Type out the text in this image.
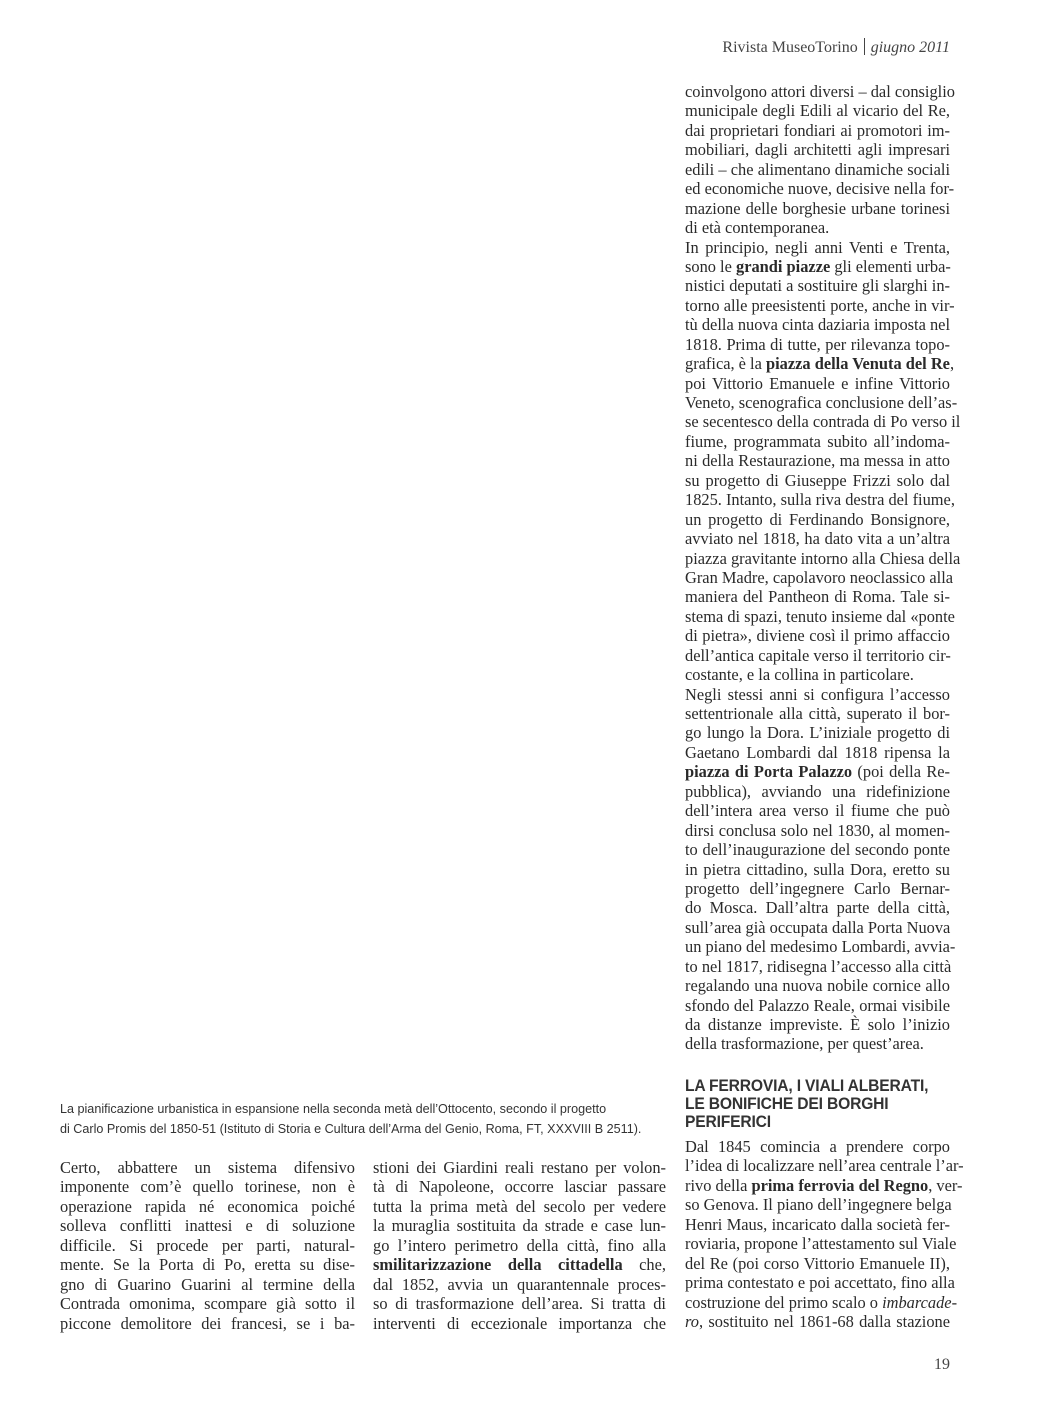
Rivista MuseoTorino giugno 2011
coinvolgono attori diversi – dal consiglio
municipale degli Edili al vicario del Re,
dai proprietari fondiari ai promotori im-
mobiliari, dagli architetti agli impresari
edili – che alimentano dinamiche sociali
ed economiche nuove, decisive nella for-
mazione delle borghesie urbane torinesi
di età contemporanea.
In principio, negli anni Venti e Trenta,
sono le grandi piazze gli elementi urba-
nistici deputati a sostituire gli slarghi in-
torno alle preesistenti porte, anche in vir-
tù della nuova cinta daziaria imposta nel
1818. Prima di tutte, per rilevanza topo-
grafica, è la piazza della Venuta del Re,
poi Vittorio Emanuele e infine Vittorio
Veneto, scenografica conclusione dell’as-
se secentesco della contrada di Po verso il
fiume, programmata subito all’indoma-
ni della Restaurazione, ma messa in atto
su progetto di Giuseppe Frizzi solo dal
1825. Intanto, sulla riva destra del fiume,
un progetto di Ferdinando Bonsignore,
avviato nel 1818, ha dato vita a un’altra
piazza gravitante intorno alla Chiesa della
Gran Madre, capolavoro neoclassico alla
maniera del Pantheon di Roma. Tale si-
stema di spazi, tenuto insieme dal «ponte
di pietra», diviene così il primo affaccio
dell’antica capitale verso il territorio cir-
costante, e la collina in particolare.
Negli stessi anni si configura l’accesso
settentrionale alla città, superato il bor-
go lungo la Dora. L’iniziale progetto di
Gaetano Lombardi dal 1818 ripensa la
piazza di Porta Palazzo (poi della Re-
pubblica), avviando una ridefinizione
dell’intera area verso il fiume che può
dirsi conclusa solo nel 1830, al momen-
to dell’inaugurazione del secondo ponte
in pietra cittadino, sulla Dora, eretto su
progetto dell’ingegnere Carlo Bernar-
do Mosca. Dall’altra parte della città,
sull’area già occupata dalla Porta Nuova
un piano del medesimo Lombardi, avvia-
to nel 1817, ridisegna l’accesso alla città
regalando una nuova nobile cornice allo
sfondo del Palazzo Reale, ormai visibile
da distanze impreviste. È solo l’inizio
della trasformazione, per quest’area.
La pianificazione urbanistica in espansione nella seconda metà dell’Ottocento, secondo il progetto
di Carlo Promis del 1850-51 (Istituto di Storia e Cultura dell’Arma del Genio, Roma, FT, XXXVIII B 2511).
LA FERROVIA, I VIALI ALBERATI,
LE BONIFICHE DEI BORGHI PERIFERICI
Certo, abbattere un sistema difensivo
imponente com’è quello torinese, non è
operazione rapida né economica poiché
solleva conflitti inattesi e di soluzione
difficile. Si procede per parti, natural-
mente. Se la Porta di Po, eretta su dise-
gno di Guarino Guarini al termine della
Contrada omonima, scompare già sotto il
piccone demolitore dei francesi, se i ba-
stioni dei Giardini reali restano per volon-
tà di Napoleone, occorre lasciar passare
tutta la prima metà del secolo per vedere
la muraglia sostituita da strade e case lun-
go l’intero perimetro della città, fino alla
smilitarizzazione della cittadella che,
dal 1852, avvia un quarantennale proces-
so di trasformazione dell’area. Si tratta di
interventi di eccezionale importanza che
Dal 1845 comincia a prendere corpo
l’idea di localizzare nell’area centrale l’ar-
rivo della prima ferrovia del Regno, ver-
so Genova. Il piano dell’ingegnere belga
Henri Maus, incaricato dalla società fer-
roviaria, propone l’attestamento sul Viale
del Re (poi corso Vittorio Emanuele II),
prima contestato e poi accettato, fino alla
costruzione del primo scalo o imbarcade-
ro, sostituito nel 1861-68 dalla stazione
19
